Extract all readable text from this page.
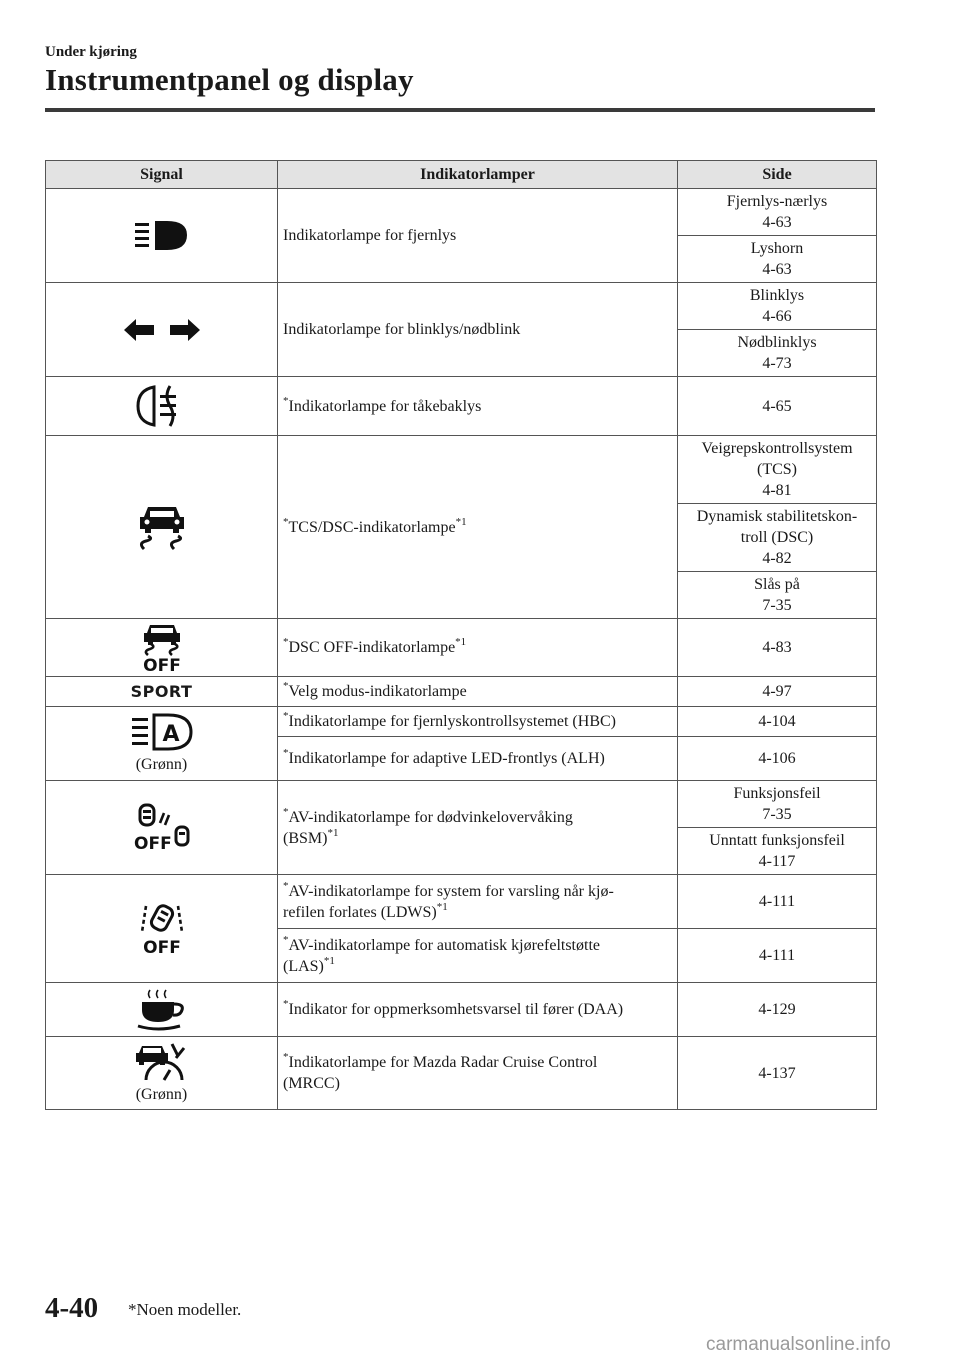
Under kjøring
Instrumentpanel og display
Signal	Indikatorlamper	Side

	Indikatorlampe for fjernlys	Fjernlys-nærlys
4-63
		Lyshorn
4-63

	Indikatorlampe for blinklys/nødblink	Blinklys
4-66
		Nødblinklys
4-73

	*Indikatorlampe for tåkebaklys	4-65

	*TCS/DSC-indikatorlampe$^{*1}$	Veigrepskontrollsystem
(TCS)
4-81
		Dynamisk stabilitetskon-
troll (DSC)
4-82
		Slås på
7-35

OFF	*DSC OFF-indikatorlampe$^{*1}$	4-83
SPORT	*Velg modus-indikatorlampe	4-97

A
(Grønn)	*Indikatorlampe for fjernlyskontrollsystemet (HBC)	4-104
	*Indikatorlampe for adaptive LED-frontlys (ALH)	4-106

OFF	*AV-indikatorlampe for dødvinkelovervåking
(BSM)$^{*1}$	Funksjonsfeil
7-35
		Unntatt funksjonsfeil
4-117

OFF	*AV-indikatorlampe for system for varsling når kjø-
refilen forlates (LDWS)$^{*1}$	4-111
	*AV-indikatorlampe for automatisk kjørefeltstøtte
(LAS)$^{*1}$	4-111

	*Indikator for oppmerksomhetsvarsel til fører (DAA)	4-129

(Grønn)	*Indikatorlampe for Mazda Radar Cruise Control
(MRCC)	4-137
4-40 *Noen modeller.
carmanualsonline.info
